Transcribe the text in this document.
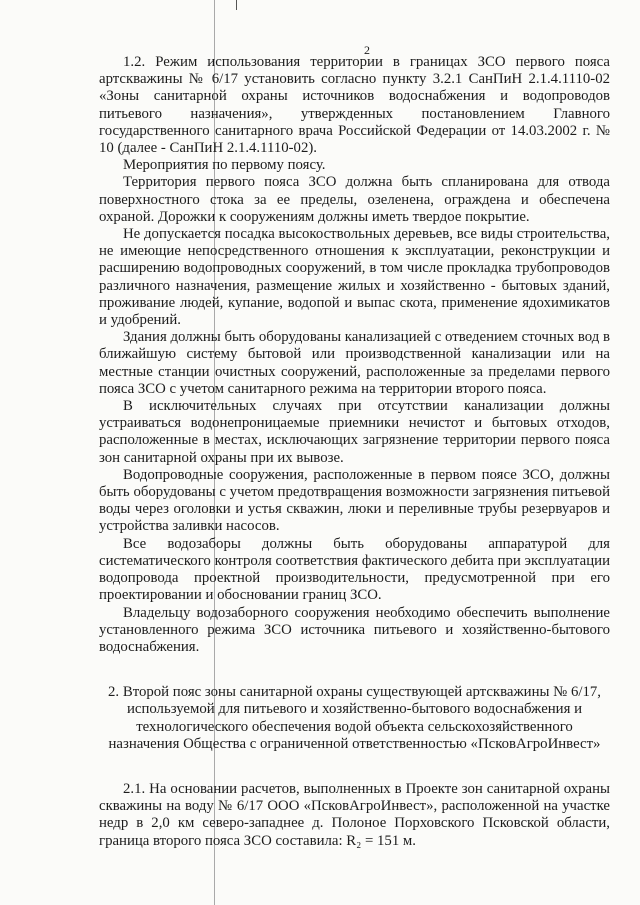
2

1.2. Режим использования территории в границах ЗСО первого пояса артскважины № 6/17 установить согласно пункту 3.2.1 СанПиН 2.1.4.1110-02 «Зоны санитарной охраны источников водоснабжения и водопроводов питьевого назначения», утвержденных постановлением Главного государственного санитарного врача Российской Федерации от 14.03.2002 г. № 10 (далее - СанПиН 2.1.4.1110-02).

Мероприятия по первому поясу.

Территория первого пояса ЗСО должна быть спланирована для отвода поверхностного стока за ее пределы, озеленена, ограждена и обеспечена охраной. Дорожки к сооружениям должны иметь твердое покрытие.

Не допускается посадка высокоствольных деревьев, все виды строительства, не имеющие непосредственного отношения к эксплуатации, реконструкции и расширению водопроводных сооружений, в том числе прокладка трубопроводов различного назначения, размещение жилых и хозяйственно - бытовых зданий, проживание людей, купание, водопой и выпас скота, применение ядохимикатов и удобрений.

Здания должны быть оборудованы канализацией с отведением сточных вод в ближайшую систему бытовой или производственной канализации или на местные станции очистных сооружений, расположенные за пределами первого пояса ЗСО с учетом санитарного режима на территории второго пояса.

В исключительных случаях при отсутствии канализации должны устраиваться водонепроницаемые приемники нечистот и бытовых отходов, расположенные в местах, исключающих загрязнение территории первого пояса зон санитарной охраны при их вывозе.

Водопроводные сооружения, расположенные в первом поясе ЗСО, должны быть оборудованы с учетом предотвращения возможности загрязнения питьевой воды через оголовки и устья скважин, люки и переливные трубы резервуаров и устройства заливки насосов.

Все водозаборы должны быть оборудованы аппаратурой для систематического контроля соответствия фактического дебита при эксплуатации водопровода проектной производительности, предусмотренной при его проектировании и обосновании границ ЗСО.

Владельцу водозаборного сооружения необходимо обеспечить выполнение установленного режима ЗСО источника питьевого и хозяйственно-бытового водоснабжения.

2. Второй пояс зоны санитарной охраны существующей артскважины № 6/17, используемой для питьевого и хозяйственно-бытового водоснабжения и технологического обеспечения водой объекта сельскохозяйственного назначения Общества с ограниченной ответственностью «ПсковАгроИнвест»

2.1. На основании расчетов, выполненных в Проекте зон санитарной охраны скважины на воду № 6/17 ООО «ПсковАгроИнвест», расположенной на участке недр в 2,0 км северо-западнее д. Полоное Порховского Псковской области, граница второго пояса ЗСО составила: R₂ = 151 м.
